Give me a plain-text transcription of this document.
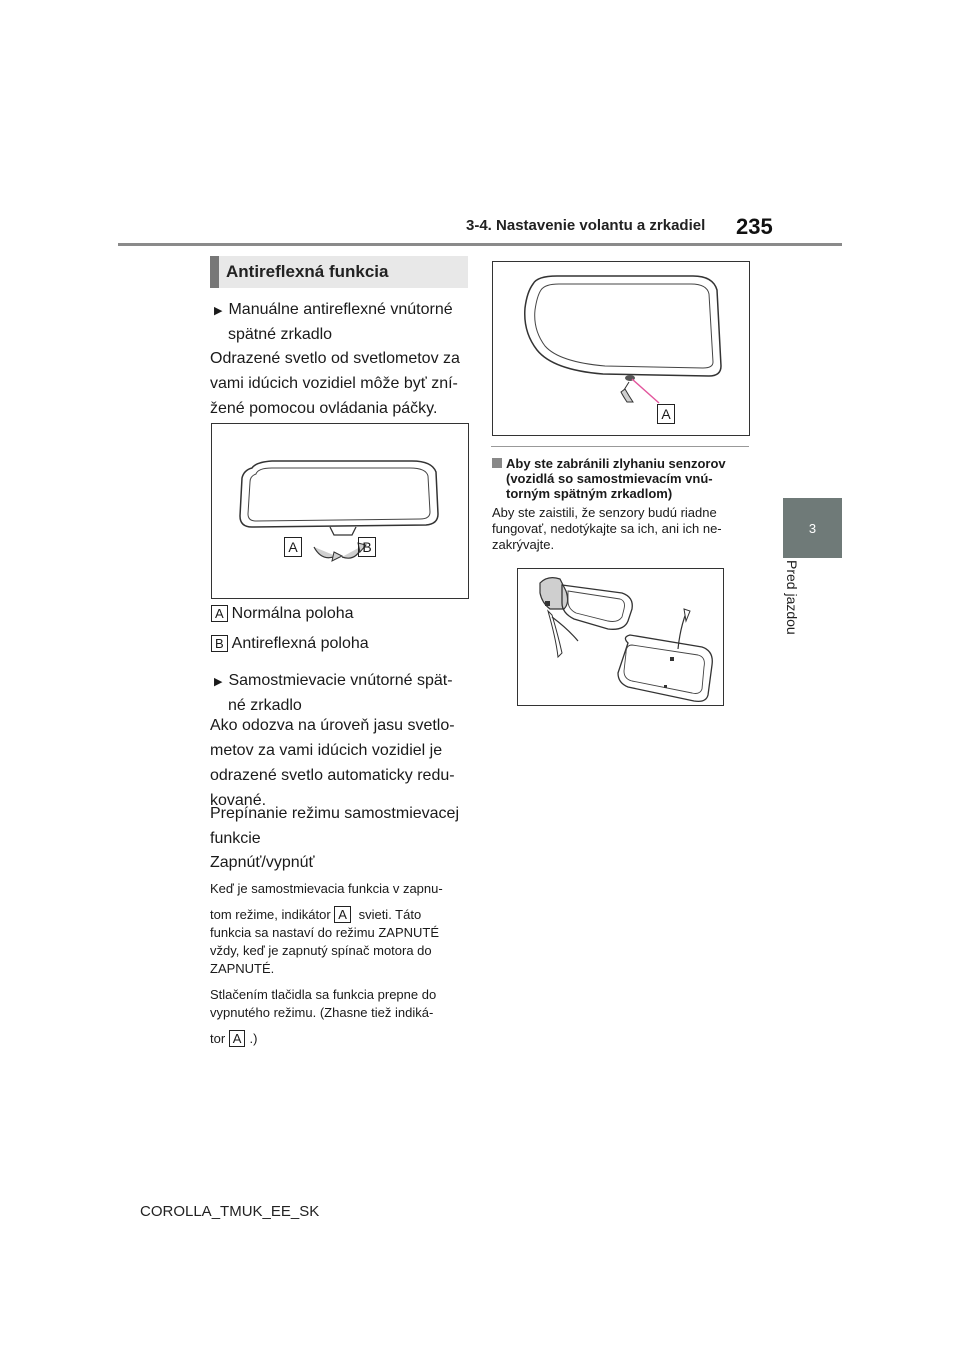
3-4. Nastavenie volantu a zrkadiel 235
3
Pred jazdou
Antireflexná funkcia
▶ Manuálne antireflexné vnútorné
spätné zrkadlo
Odrazené svetlo od svetlometov za
vami idúcich vozidiel môže byť zní-
žené pomocou ovládania páčky.
A	B
A Normálna poloha
B Antireflexná poloha
▶ Samostmievacie vnútorné spät-
né zrkadlo
Ako odozva na úroveň jasu svetlo-
metov za vami idúcich vozidiel je
odrazené svetlo automaticky redu-
kované.
Prepínanie režimu samostmievacej
funkcie
Zapnúť/vypnúť
Keď je samostmievacia funkcia v zapnu-
tom režime, indikátor A svieti. Táto
funkcia sa nastaví do režimu ZAPNUTÉ
vždy, keď je zapnutý spínač motora do
ZAPNUTÉ.
Stlačením tlačidla sa funkcia prepne do
vypnutého režimu. (Zhasne tiež indiká-
tor A .)
A
Aby ste zabránili zlyhaniu senzorov
(vozidlá so samostmievacím vnú-
torným spätným zrkadlom)
Aby ste zaistili, že senzory budú riadne
fungovať, nedotýkajte sa ich, ani ich ne-
zakrývajte.
COROLLA_TMUK_EE_SK
